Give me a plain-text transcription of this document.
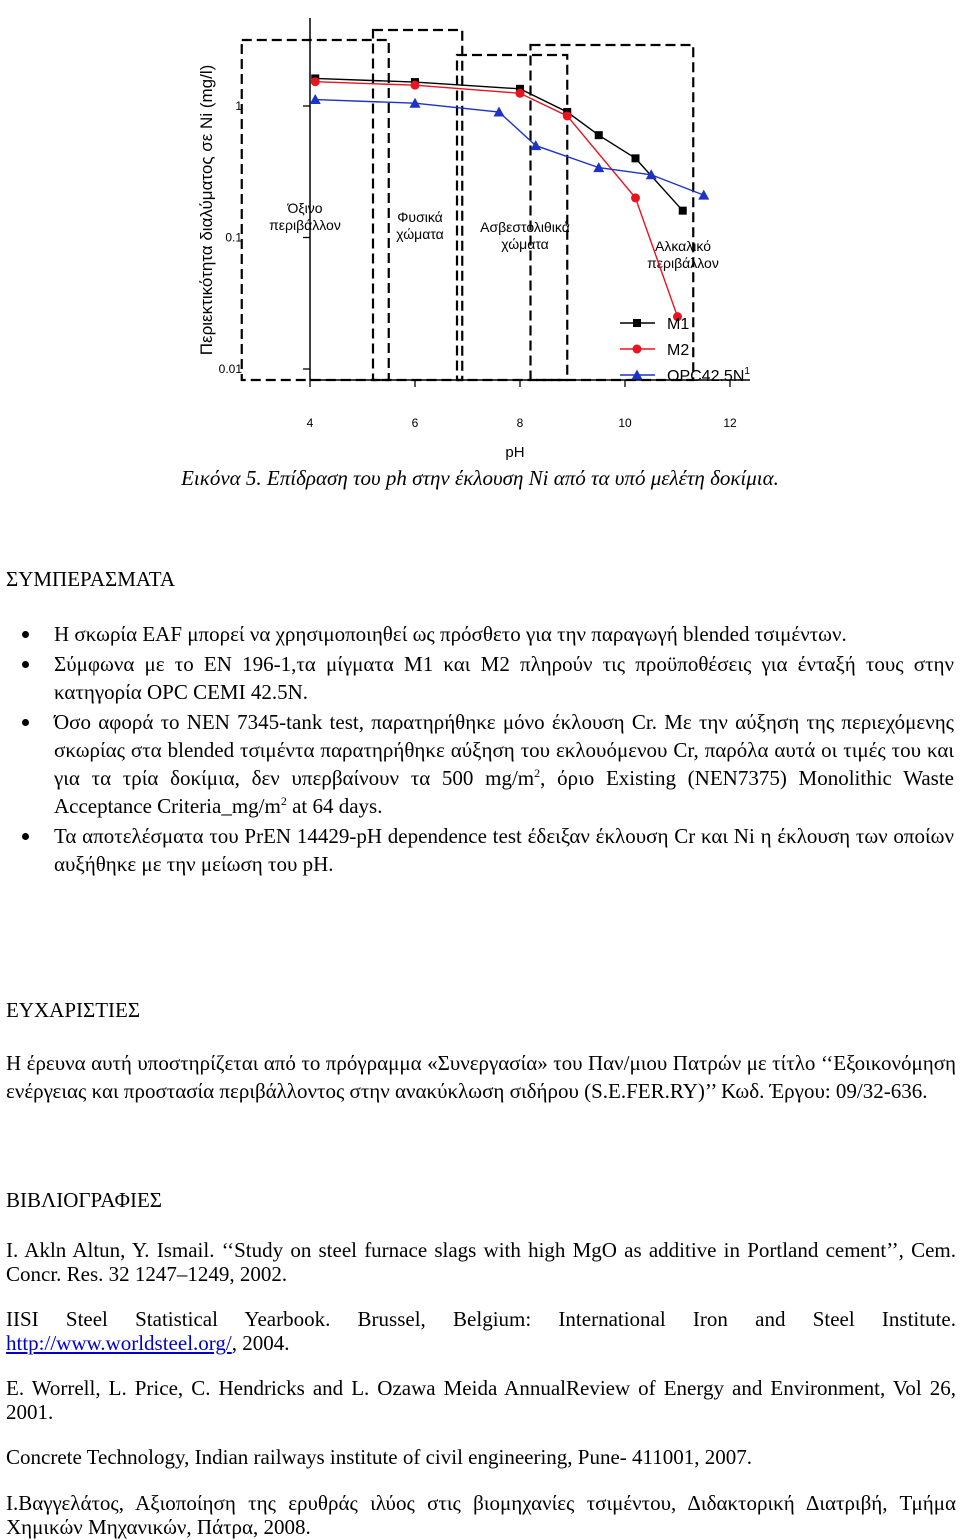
Όξινο
περιβάλλον	Φυσικά
χώματα	Ασβεστολιθικά
χώματα	Αλκαλικό
περιβάλλον
4	6	8	10	12
0.01
0.1
1
M1
M2
$OPC42.5N^1$
Περιεκτικότητα διαλύματος σε Ni (mg/l)
pH
Εικόνα 5. Επίδραση του ph στην έκλουση Ni από τα υπό μελέτη δοκίμια.
ΣΥΜΠΕΡΑΣΜΑΤΑ
Η σκωρία EAF μπορεί να χρησιμοποιηθεί ως πρόσθετο για την παραγωγή blended τσιμέντων.
Σύμφωνα με το EN 196-1,τα μίγματα Μ1 και Μ2 πληρούν τις προϋποθέσεις για ένταξή τους στην κατηγορία OPC CEMI 42.5N.
Όσο αφορά το NEN 7345-tank test, παρατηρήθηκε μόνο έκλουση Cr. Με την αύξηση της περιεχόμενης σκωρίας στα blended τσιμέντα παρατηρήθηκε αύξηση του εκλουόμενου Cr, παρόλα αυτά οι τιμές του και για τα τρία δοκίμια, δεν υπερβαίνουν τα 500 $mg/m^2$, όριο Existing (NEN7375) Monolithic Waste Acceptance $Criteria\_mg/m^2$ at 64 days.
Τα αποτελέσματα του PrEN 14429-pH dependence test έδειξαν έκλουση Cr και Ni η έκλουση των οποίων αυξήθηκε με την μείωση του pH.
ΕΥΧΑΡΙΣΤΙΕΣ
Η έρευνα αυτή υποστηρίζεται από το πρόγραμμα «Συνεργασία» του Παν/μιου Πατρών με τίτλο ‘‘Εξοικονόμηση ενέργειας και προστασία περιβάλλοντος στην ανακύκλωση σιδήρου (S.E.FER.RY)’’ Κωδ. Έργου: 09/32-636.
ΒΙΒΛΙΟΓΡΑΦΙΕΣ
I. Akln Altun, Y. Ismail. ‘‘Study on steel furnace slags with high MgO as additive in Portland cement’’, Cem. Concr. Res. 32 1247–1249, 2002.
IISI Steel Statistical Yearbook. Brussel, Belgium: International Iron and Steel Institute. http://www.worldsteel.org/, 2004.
E. Worrell, L. Price, C. Hendricks and L. Ozawa Meida AnnualReview of Energy and Environment, Vol 26, 2001.
Concrete Technology, Indian railways institute of civil engineering, Pune- 411001, 2007.
Ι.Βαγγελάτος, Αξιοποίηση της ερυθράς ιλύος στις βιομηχανίες τσιμέντου, Διδακτορική Διατριβή, Τμήμα Χημικών Μηχανικών, Πάτρα, 2008.
